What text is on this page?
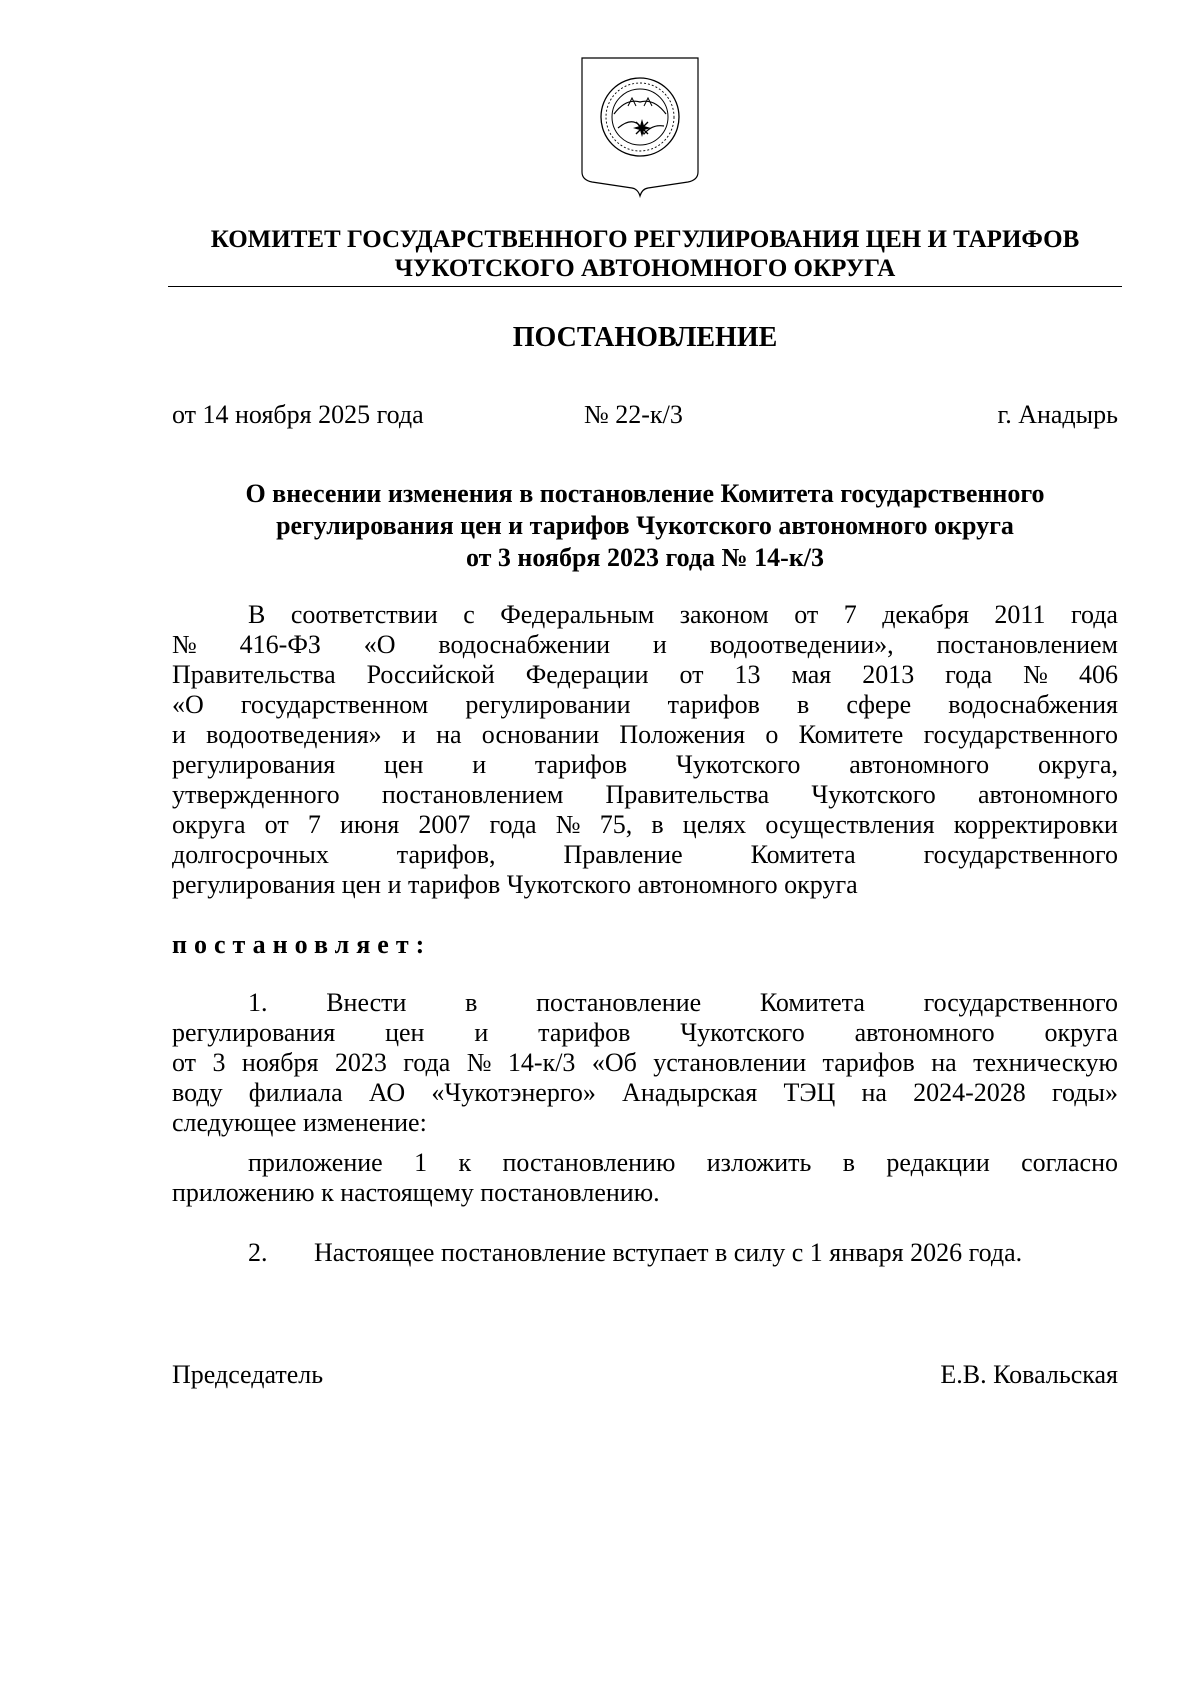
КОМИТЕТ ГОСУДАРСТВЕННОГО РЕГУЛИРОВАНИЯ ЦЕН И ТАРИФОВ
ЧУКОТСКОГО АВТОНОМНОГО ОКРУГА
ПОСТАНОВЛЕНИЕ
от 14 ноября 2025 года	№ 22-к/3	г. Анадырь
О внесении изменения в постановление Комитета государственного
регулирования цен и тарифов Чукотского автономного округа
от 3 ноября 2023 года № 14-к/3
В соответствии с Федеральным законом от 7 декабря 2011 года
№ 416-ФЗ «О водоснабжении и водоотведении», постановлением
Правительства Российской Федерации от 13 мая 2013 года № 406
«О государственном регулировании тарифов в сфере водоснабжения
и водоотведения» и на основании Положения о Комитете государственного
регулирования цен и тарифов Чукотского автономного округа,
утвержденного постановлением Правительства Чукотского автономного
округа от 7 июня 2007 года № 75, в целях осуществления корректировки
долгосрочных	тарифов,	Правление	Комитета	государственного
регулирования цен и тарифов Чукотского автономного округа
постановляет:
1. Внести в постановление Комитета государственного
регулирования цен и тарифов Чукотского автономного округа
от 3 ноября 2023 года № 14-к/3 «Об установлении тарифов на техническую
воду филиала АО «Чукотэнерго» Анадырская ТЭЦ на 2024-2028 годы»
следующее изменение:
приложение 1 к постановлению изложить в редакции согласно
приложению к настоящему постановлению.
2. Настоящее постановление вступает в силу с 1 января 2026 года.
Председатель	Е.В. Ковальская
